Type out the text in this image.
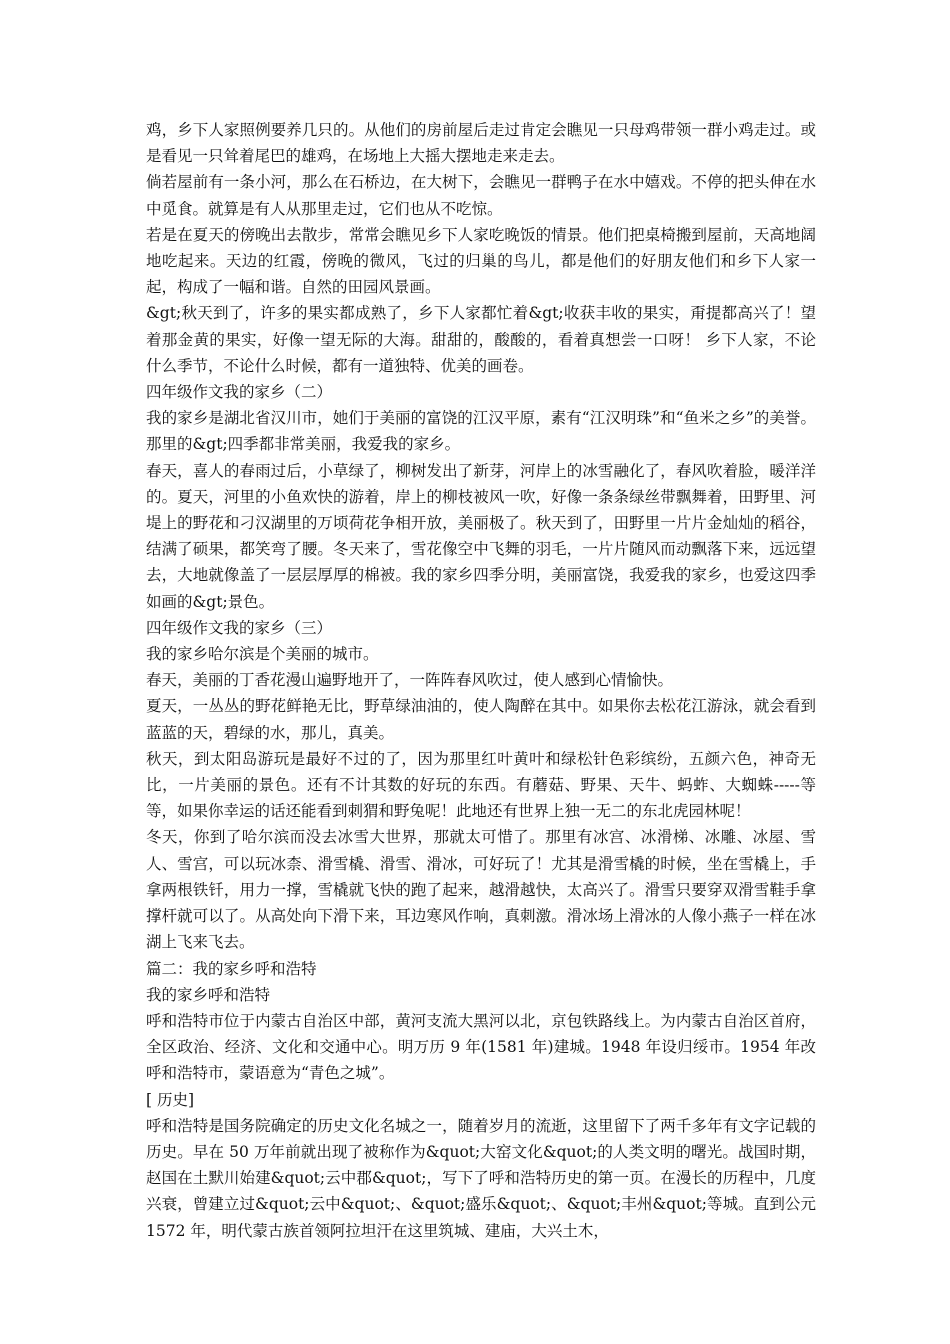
鸡，乡下人家照例要养几只的。从他们的房前屋后走过肯定会瞧见一只母鸡带领一群小鸡走过。或是看见一只耸着尾巴的雄鸡，在场地上大摇大摆地走来走去。

倘若屋前有一条小河，那么在石桥边，在大树下，会瞧见一群鸭子在水中嬉戏。不停的把头伸在水中觅食。就算是有人从那里走过，它们也从不吃惊。

若是在夏天的傍晚出去散步，常常会瞧见乡下人家吃晚饭的情景。他们把桌椅搬到屋前，天高地阔地吃起来。天边的红霞，傍晚的微风，飞过的归巢的鸟儿，都是他们的好朋友他们和乡下人家一起，构成了一幅和谐。自然的田园风景画。

&gt;秋天到了，许多的果实都成熟了，乡下人家都忙着&gt;收获丰收的果实，甭提都高兴了！望着那金黄的果实，好像一望无际的大海。甜甜的，酸酸的，看着真想尝一口呀！ 乡下人家，不论什么季节，不论什么时候，都有一道独特、优美的画卷。

四年级作文我的家乡（二）

我的家乡是湖北省汉川市，她们于美丽的富饶的江汉平原，素有“江汉明珠”和“鱼米之乡”的美誉。那里的&gt;四季都非常美丽，我爱我的家乡。

春天，喜人的春雨过后，小草绿了，柳树发出了新芽，河岸上的冰雪融化了，春风吹着脸，暖洋洋的。夏天，河里的小鱼欢快的游着，岸上的柳枝被风一吹，好像一条条绿丝带飘舞着，田野里、河堤上的野花和刁汉湖里的万顷荷花争相开放，美丽极了。秋天到了，田野里一片片金灿灿的稻谷，结满了硕果，都笑弯了腰。冬天来了，雪花像空中飞舞的羽毛，一片片随风而动飘落下来，远远望去，大地就像盖了一层层厚厚的棉被。我的家乡四季分明，美丽富饶，我爱我的家乡，也爱这四季如画的&gt;景色。

四年级作文我的家乡（三）

我的家乡哈尔滨是个美丽的城市。

春天，美丽的丁香花漫山遍野地开了，一阵阵春风吹过，使人感到心情愉快。

夏天，一丛丛的野花鲜艳无比，野草绿油油的，使人陶醉在其中。如果你去松花江游泳，就会看到蓝蓝的天，碧绿的水，那儿，真美。

秋天，到太阳岛游玩是最好不过的了，因为那里红叶黄叶和绿松针色彩缤纷，五颜六色，神奇无比，一片美丽的景色。还有不计其数的好玩的东西。有蘑菇、野果、天牛、蚂蚱、大蜘蛛-----等等，如果你幸运的话还能看到刺猬和野兔呢！此地还有世界上独一无二的东北虎园林呢！

冬天，你到了哈尔滨而没去冰雪大世界，那就太可惜了。那里有冰宫、冰滑梯、冰雕、冰屋、雪人、雪宫，可以玩冰柰、滑雪橇、滑雪、滑冰，可好玩了！尤其是滑雪橇的时候，坐在雪橇上，手拿两根铁钎，用力一撑，雪橇就飞快的跑了起来，越滑越快，太高兴了。滑雪只要穿双滑雪鞋手拿撑杆就可以了。从高处向下滑下来，耳边寒风作响，真刺激。滑冰场上滑冰的人像小燕子一样在冰湖上飞来飞去。

篇二：我的家乡呼和浩特

我的家乡呼和浩特

呼和浩特市位于内蒙古自治区中部，黄河支流大黑河以北，京包铁路线上。为内蒙古自治区首府，全区政治、经济、文化和交通中心。明万历 9 年(1581 年)建城。1948 年设归绥市。1954 年改呼和浩特市，蒙语意为“青色之城”。

[ 历史]

呼和浩特是国务院确定的历史文化名城之一，随着岁月的流逝，这里留下了两千多年有文字记载的历史。早在 50 万年前就出现了被称作为&quot;大窑文化&quot;的人类文明的曙光。战国时期，赵国在土默川始建&quot;云中郡&quot;，写下了呼和浩特历史的第一页。在漫长的历程中，几度兴衰，曾建立过&quot;云中&quot;、&quot;盛乐&quot;、&quot;丰州&quot;等城。直到公元 1572 年，明代蒙古族首领阿拉坦汗在这里筑城、建庙，大兴土木，
